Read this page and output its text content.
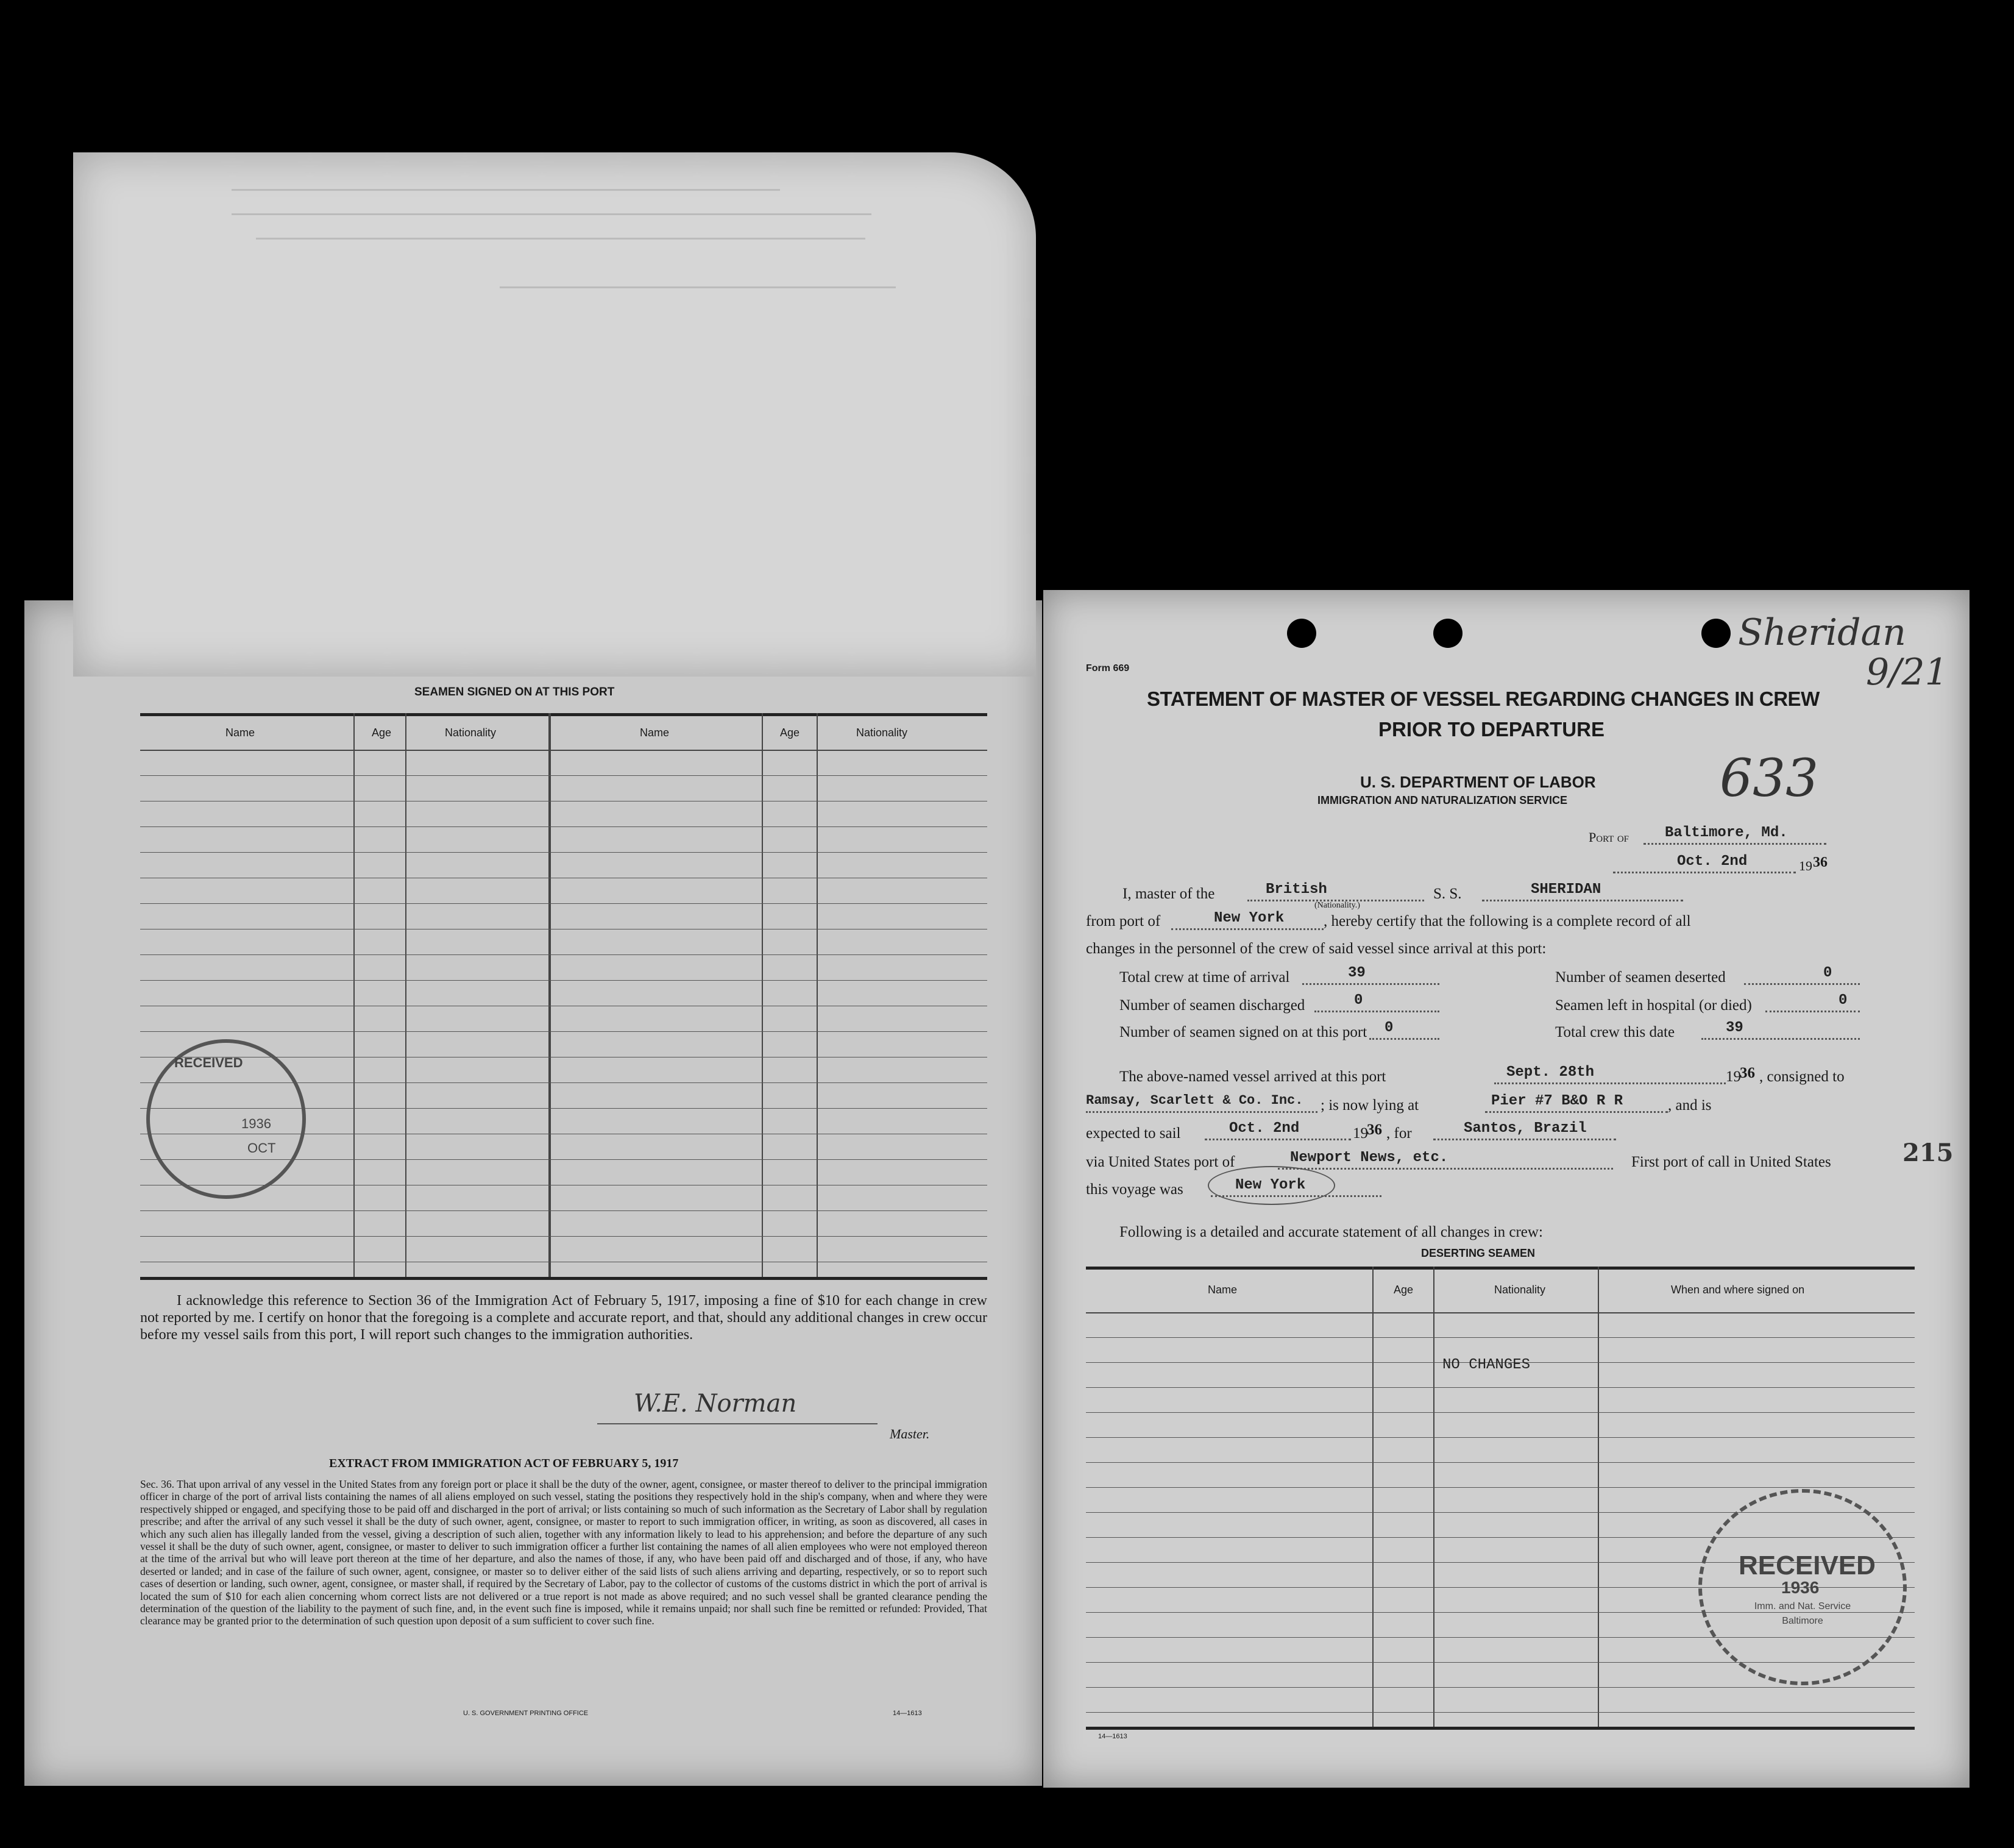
SEAMEN SIGNED ON AT THIS PORT
Name	Age	Nationality	Name	Age	Nationality
RECEIVED
1936
OCT

I acknowledge this reference to Section 36 of the Immigration Act of February 5, 1917, imposing a fine of $10 for each change in crew not reported by me. I certify on honor that the foregoing is a complete and accurate report, and that, should any additional changes in crew occur before my vessel sails from this port, I will report such changes to the immigration authorities.

W.E. Norman
Master.
EXTRACT FROM IMMIGRATION ACT OF FEBRUARY 5, 1917

Sec. 36. That upon arrival of any vessel in the United States from any foreign port or place it shall be the duty of the owner, agent, consignee, or master thereof to deliver to the principal immigration officer in charge of the port of arrival lists containing the names of all aliens employed on such vessel, stating the positions they respectively hold in the ship's company, when and where they were respectively shipped or engaged, and specifying those to be paid off and discharged in the port of arrival; or lists containing so much of such information as the Secretary of Labor shall by regulation prescribe; and after the arrival of any such vessel it shall be the duty of such owner, agent, consignee, or master to report to such immigration officer, in writing, as soon as discovered, all cases in which any such alien has illegally landed from the vessel, giving a description of such alien, together with any information likely to lead to his apprehension; and before the departure of any such vessel it shall be the duty of such owner, agent, consignee, or master to deliver to such immigration officer a further list containing the names of all alien employees who were not employed thereon at the time of the arrival but who will leave port thereon at the time of her departure, and also the names of those, if any, who have been paid off and discharged and of those, if any, who have deserted or landed; and in case of the failure of such owner, agent, consignee, or master so to deliver either of the said lists of such aliens arriving and departing, respectively, or so to report such cases of desertion or landing, such owner, agent, consignee, or master shall, if required by the Secretary of Labor, pay to the collector of customs of the customs district in which the port of arrival is located the sum of $10 for each alien concerning whom correct lists are not delivered or a true report is not made as above required; and no such vessel shall be granted clearance pending the determination of the question of the liability to the payment of such fine, and, in the event such fine is imposed, while it remains unpaid; nor shall such fine be remitted or refunded: Provided, That clearance may be granted prior to the determination of such question upon deposit of a sum sufficient to cover such fine.

U. S. GOVERNMENT PRINTING OFFICE	14—1613
Form 669
Sheridan
9/21
STATEMENT OF MASTER OF VESSEL REGARDING CHANGES IN CREW
PRIOR TO DEPARTURE
633
U. S. DEPARTMENT OF LABOR
IMMIGRATION AND NATURALIZATION SERVICE
Port of	Baltimore, Md.
Oct. 2nd	19 36
I, master of the	British
(Nationality.)
S. S.	SHERIDAN
from port of	New York	, hereby certify that the following is a complete record of all
changes in the personnel of the crew of said vessel since arrival at this port:
Total crew at time of arrival	39	Number of seamen deserted	0
Number of seamen discharged	0	Seamen left in hospital (or died)	0
Number of seamen signed on at this port	0	Total crew this date	39
The above-named vessel arrived at this port	Sept. 28th	19
36 , consigned to
Ramsay, Scarlett & Co. Inc.	; is now lying at	Pier #7 B&O R R	, and is
expected to sail	Oct. 2nd	19
36 , for	Santos, Brazil
via United States port of	Newport News, etc.	First port of call in United States	215
this voyage was	New York
Following is a detailed and accurate statement of all changes in crew:
DESERTING SEAMEN
Name	Age	Nationality	When and where signed on
NO CHANGES
14—1613
RECEIVED
1936
Imm. and Nat. Service
Baltimore
